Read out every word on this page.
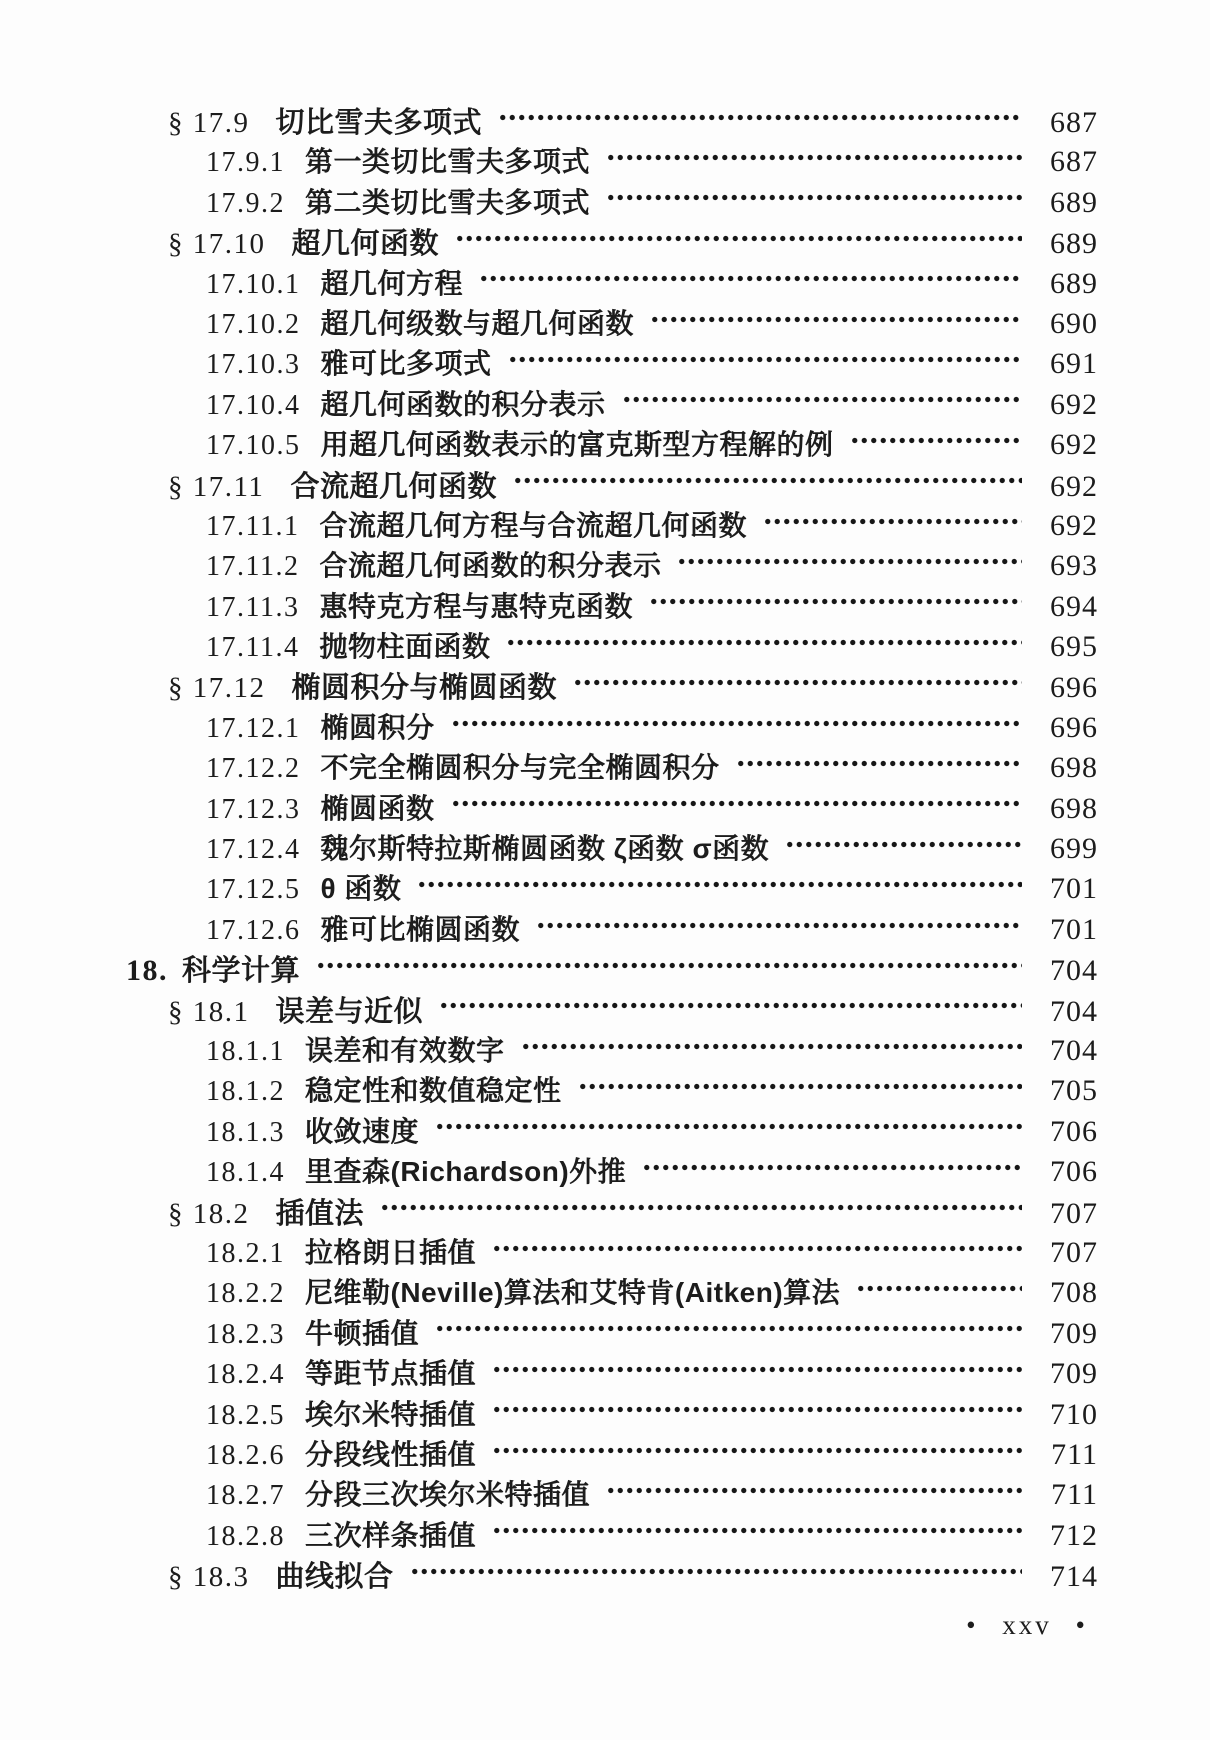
§ 17.9 切比雪夫多项式	687
17.9.1 第一类切比雪夫多项式	687
17.9.2 第二类切比雪夫多项式	689
§ 17.10 超几何函数	689
17.10.1 超几何方程	689
17.10.2 超几何级数与超几何函数	690
17.10.3 雅可比多项式	691
17.10.4 超几何函数的积分表示	692
17.10.5 用超几何函数表示的富克斯型方程解的例	692
§ 17.11 合流超几何函数	692
17.11.1 合流超几何方程与合流超几何函数	692
17.11.2 合流超几何函数的积分表示	693
17.11.3 惠特克方程与惠特克函数	694
17.11.4 抛物柱面函数	695
§ 17.12 椭圆积分与椭圆函数	696
17.12.1 椭圆积分	696
17.12.2 不完全椭圆积分与完全椭圆积分	698
17.12.3 椭圆函数	698
17.12.4 魏尔斯特拉斯椭圆函数 ζ函数 σ函数	699
17.12.5 θ 函数	701
17.12.6 雅可比椭圆函数	701
18. 科学计算	704
§ 18.1 误差与近似	704
18.1.1 误差和有效数字	704
18.1.2 稳定性和数值稳定性	705
18.1.3 收敛速度	706
18.1.4 里查森(Richardson)外推	706
§ 18.2 插值法	707
18.2.1 拉格朗日插值	707
18.2.2 尼维勒(Neville)算法和艾特肯(Aitken)算法	708
18.2.3 牛顿插值	709
18.2.4 等距节点插值	709
18.2.5 埃尔米特插值	710
18.2.6 分段线性插值	711
18.2.7 分段三次埃尔米特插值	711
18.2.8 三次样条插值	712
§ 18.3 曲线拟合	714
• xxv •
